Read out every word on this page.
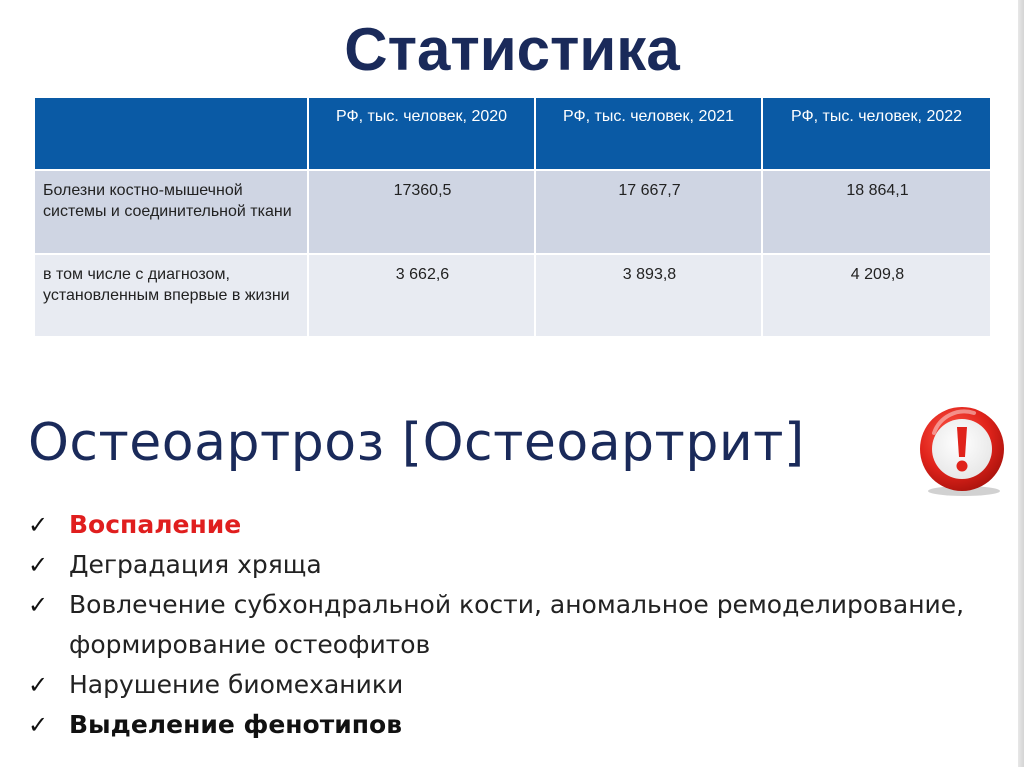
Статистика
	РФ, тыс. человек, 2020	РФ, тыс. человек, 2021	РФ, тыс. человек, 2022
Болезни костно-мышечной системы и соединительной ткани	17360,5	17 667,7	18 864,1
в том числе с диагнозом, установленным впервые в жизни	3 662,6	3 893,8	4 209,8
Остеоартроз [Остеоартрит]
✓ Воспаление
✓ Деградация хряща
✓ Вовлечение субхондральной кости, аномальное ремоделирование, формирование остеофитов
✓ Нарушение биомеханики
✓ Выделение фенотипов
